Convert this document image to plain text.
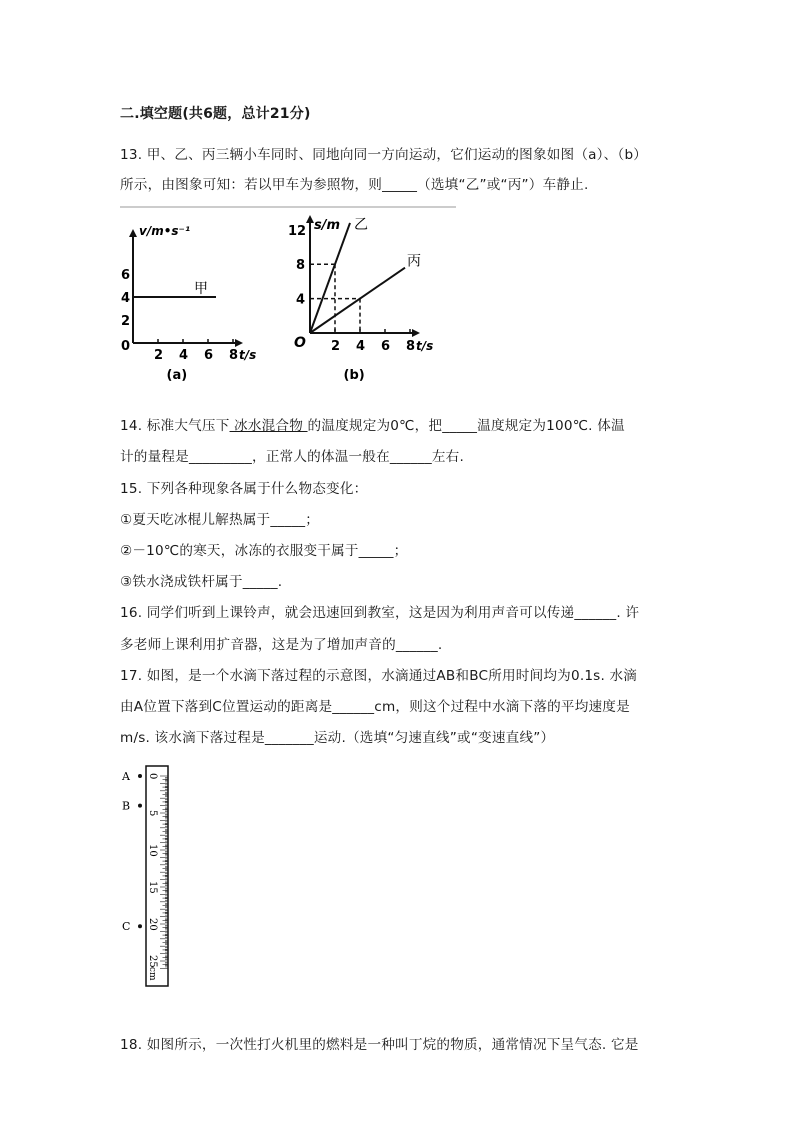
二.填空题(共6题，总计21分)
13. 甲、乙、丙三辆小车同时、同地向同一方向运动，它们运动的图象如图（a）、（b）
所示，由图象可知：若以甲车为参照物，则_____（选填“乙”或“丙”）车静止.
v/m•s⁻¹
6
4
2
0
2 4 6 8 t/s
甲
(a)
s/m
12
8
4
O 2 4 6 8 t/s
乙
丙
(b)
14. 标准大气压下 冰水混合物 的温度规定为0℃，把_____温度规定为100℃. 体温
计的量程是_________，正常人的体温一般在______左右.
15. 下列各种现象各属于什么物态变化：
①夏天吃冰棍儿解热属于_____；
②－10℃的寒天，冰冻的衣服变干属于_____；
③铁水浇成铁杆属于_____.
16. 同学们听到上课铃声，就会迅速回到教室，这是因为利用声音可以传递______. 许
多老师上课利用扩音器，这是为了增加声音的______.
17. 如图，是一个水滴下落过程的示意图，水滴通过AB和BC所用时间均为0.1s. 水滴
由A位置下落到C位置运动的距离是______cm，则这个过程中水滴下落的平均速度是
m/s. 该水滴下落过程是_______运动.（选填“匀速直线”或“变速直线”）
0
5
10
15
20
25
cm
A
B
C
18. 如图所示，一次性打火机里的燃料是一种叫丁烷的物质，通常情况下呈气态. 它是
